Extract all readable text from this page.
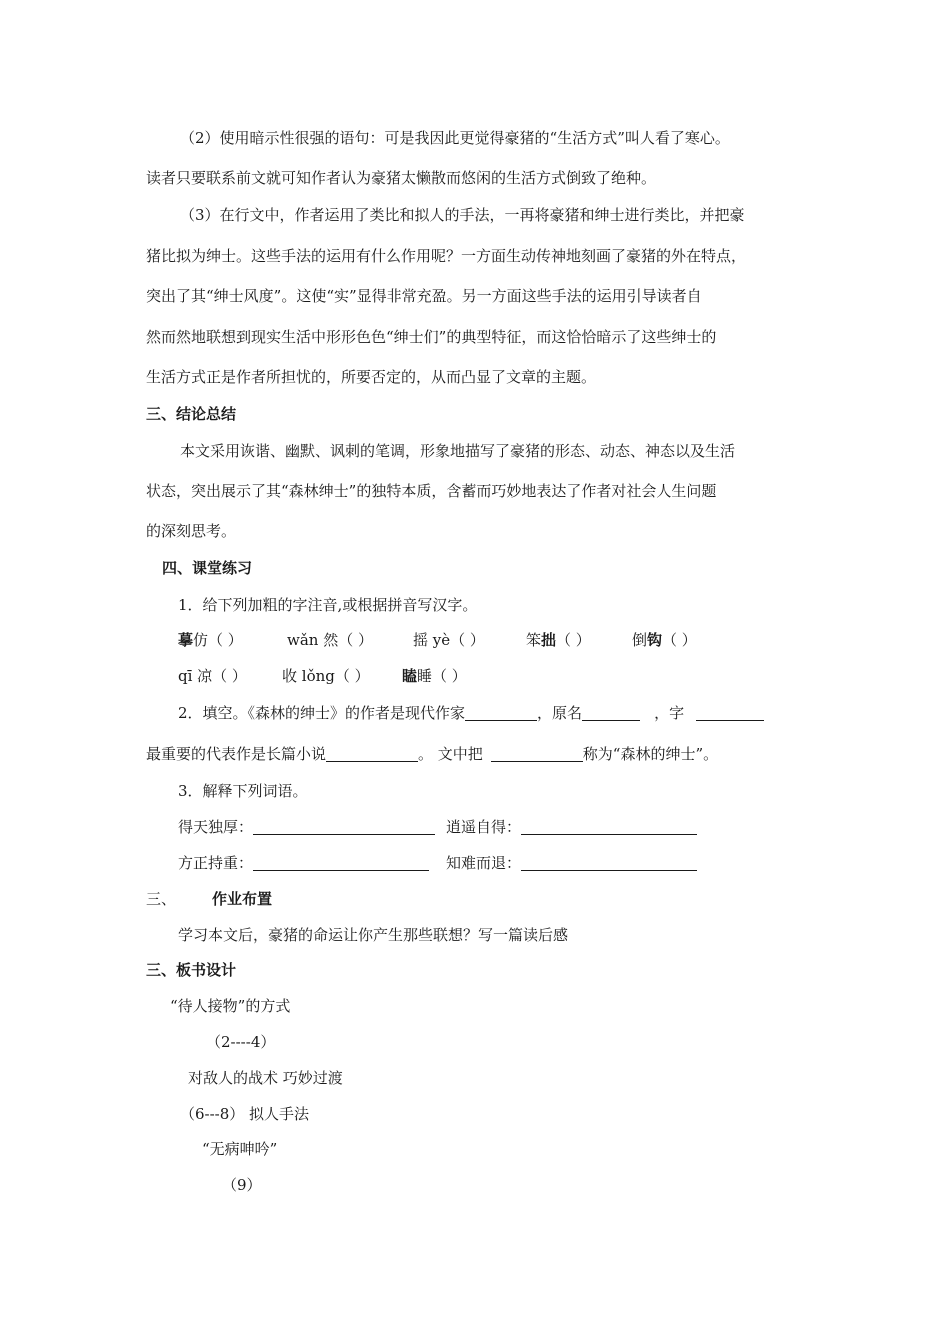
（2）使用暗示性很强的语句：可是我因此更觉得豪猪的“生活方式”叫人看了寒心。
读者只要联系前文就可知作者认为豪猪太懒散而悠闲的生活方式倒致了绝种。
（3）在行文中，作者运用了类比和拟人的手法，一再将豪猪和绅士进行类比，并把豪
猪比拟为绅士。这些手法的运用有什么作用呢？一方面生动传神地刻画了豪猪的外在特点，
突出了其“绅士风度”。这使“实”显得非常充盈。另一方面这些手法的运用引导读者自
然而然地联想到现实生活中形形色色“绅士们”的典型特征，而这恰恰暗示了这些绅士的
生活方式正是作者所担忧的，所要否定的，从而凸显了文章的主题。
三、结论总结
本文采用诙谐、幽默、讽刺的笔调，形象地描写了豪猪的形态、动态、神态以及生活
状态，突出展示了其“森林绅士”的独特本质，含蓄而巧妙地表达了作者对社会人生问题
的深刻思考。
四、课堂练习
1．给下列加粗的字注音,或根据拼音写汉字。
摹仿（ ）	wǎn 然（ ）	摇 yè（ ）	笨拙（ ）	倒钩（ ）
qī 凉（ ） 收 lǒng（ ） 瞌睡（ ）
2．填空。《森林的绅士》的作者是现代作家	，原名	，字
最重要的代表作是长篇小说	。 文中把	称为“森林的绅士”。
3．解释下列词语。
得天独厚：	逍遥自得：
方正持重：	知难而退：
三、 作业布置
学习本文后，豪猪的命运让你产生那些联想？写一篇读后感
三、板书设计
“待人接物”的方式
（2----4）
对敌人的战术 巧妙过渡
（6---8） 拟人手法
“无病呻吟”
（9）
